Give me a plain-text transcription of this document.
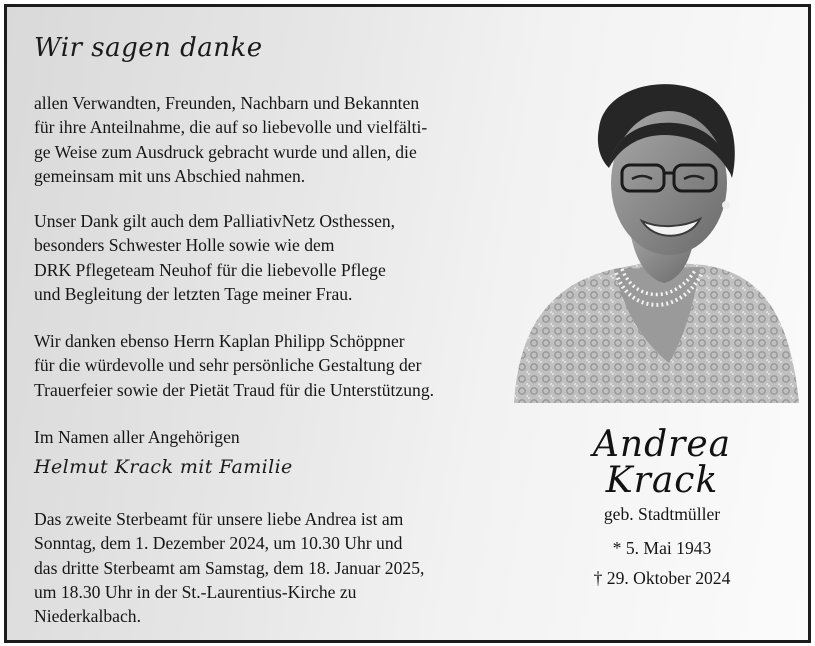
Wir sagen danke
allen Verwandten, Freunden, Nachbarn und Bekannten
für ihre Anteilnahme, die auf so liebevolle und vielfälti-
ge Weise zum Ausdruck gebracht wurde und allen, die
gemeinsam mit uns Abschied nahmen.
Unser Dank gilt auch dem PalliativNetz Osthessen,
besonders Schwester Holle sowie wie dem
DRK Pflegeteam Neuhof für die liebevolle Pflege
und Begleitung der letzten Tage meiner Frau.
Wir danken ebenso Herrn Kaplan Philipp Schöppner
für die würdevolle und sehr persönliche Gestaltung der
Trauerfeier sowie der Pietät Traud für die Unterstützung.
Im Namen aller Angehörigen
Helmut Krack mit Familie
Das zweite Sterbeamt für unsere liebe Andrea ist am
Sonntag, dem 1. Dezember 2024, um 10.30 Uhr und
das dritte Sterbeamt am Samstag, dem 18. Januar 2025,
um 18.30 Uhr in der St.-Laurentius-Kirche zu
Niederkalbach.
Andrea
Krack
geb. Stadtmüller
* 5. Mai 1943
† 29. Oktober 2024
